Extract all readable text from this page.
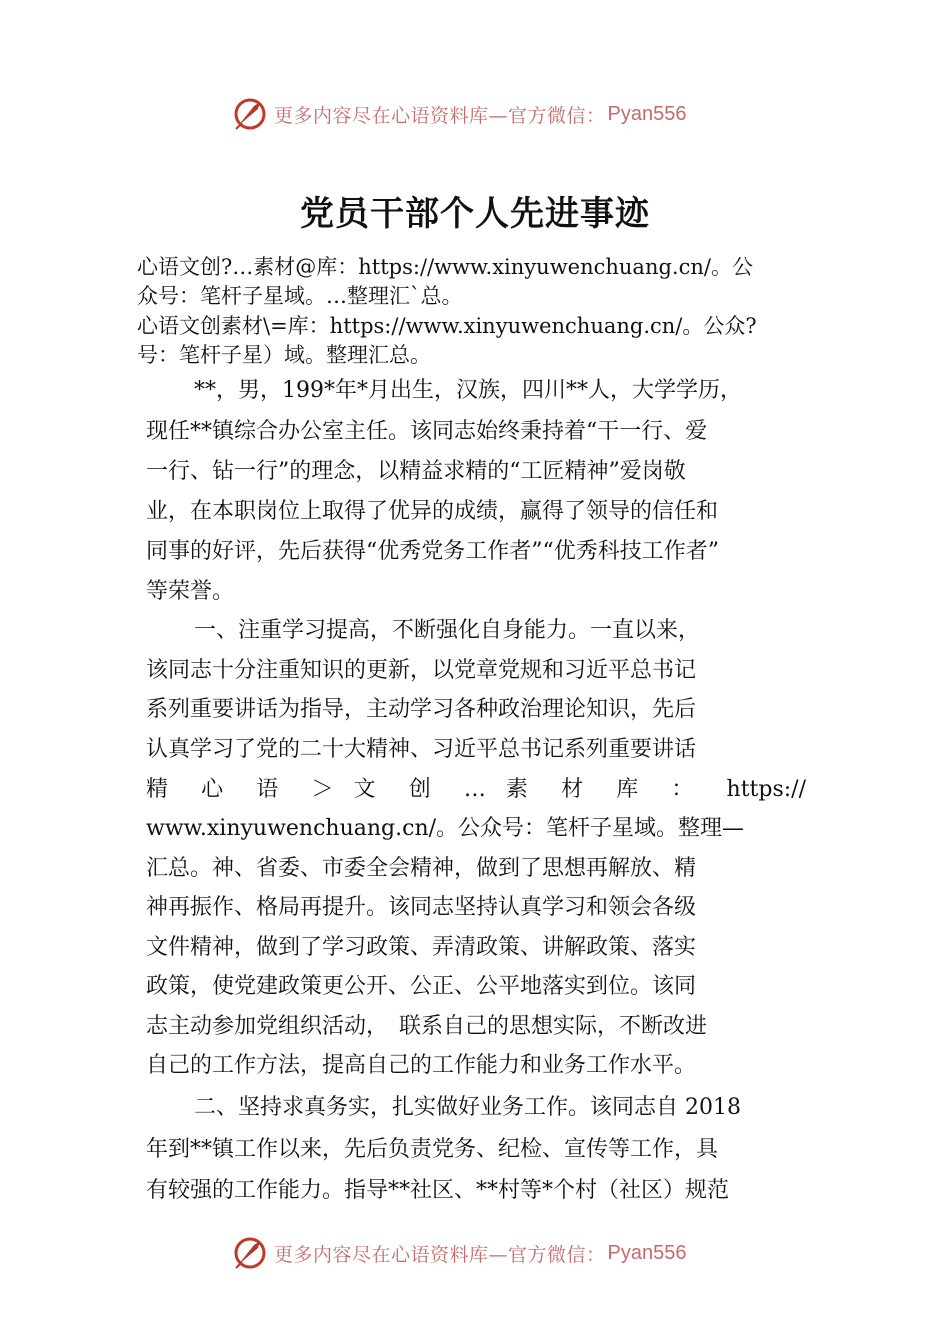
更多内容尽在心语资料库—官方微信： Pyan556
党员干部个人先进事迹
心语文创?…素材@库：https://www.xinyuwenchuang.cn/。公
众号：笔杆子星域。…整理汇`总。
心语文创素材\=库：https://www.xinyuwenchuang.cn/。公众?
号：笔杆子星）域。整理汇总。
**，男，199*年*月出生，汉族，四川**人，大学学历，
现任**镇综合办公室主任。该同志始终秉持着“干一行、爱
一行、钻一行”的理念，以精益求精的“工匠精神”爱岗敬
业，在本职岗位上取得了优异的成绩，赢得了领导的信任和
同事的好评，先后获得“优秀党务工作者”“优秀科技工作者”
等荣誉。
一、注重学习提高，不断强化自身能力。一直以来，
该同志十分注重知识的更新，以党章党规和习近平总书记
系列重要讲话为指导，主动学习各种政治理论知识，先后
认真学习了党的二十大精神、习近平总书记系列重要讲话
精 心 语 ＞ 文 创 … 素 材 库 ： https://
www.xinyuwenchuang.cn/。公众号：笔杆子星域。整理—
汇总。神、省委、市委全会精神，做到了思想再解放、精
神再振作、格局再提升。该同志坚持认真学习和领会各级
文件精神，做到了学习政策、弄清政策、讲解政策、落实
政策，使党建政策更公开、公正、公平地落实到位。该同
志主动参加党组织活动，　联系自己的思想实际，不断改进
自己的工作方法，提高自己的工作能力和业务工作水平。
二、坚持求真务实，扎实做好业务工作。该同志自 2018
年到**镇工作以来，先后负责党务、纪检、宣传等工作，具
有较强的工作能力。指导**社区、**村等*个村（社区）规范
更多内容尽在心语资料库—官方微信： Pyan556
